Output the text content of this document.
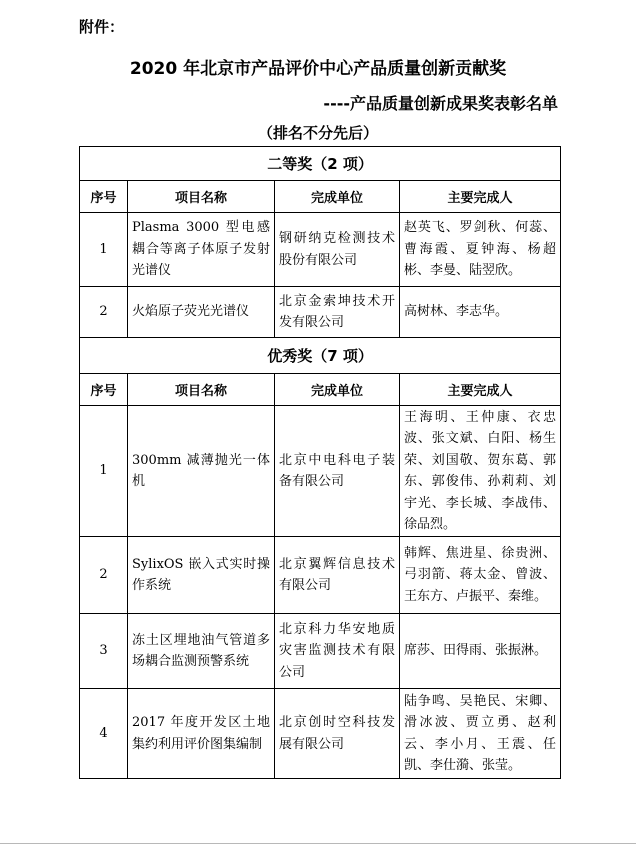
附件：
2020 年北京市产品评价中心产品质量创新贡献奖
----产品质量创新成果奖表彰名单
（排名不分先后）
二等奖（2 项）			
序号	项目名称	完成单位	主要完成人
1	Plasma 3000 型电感耦合等离子体原子发射光谱仪	钢研纳克检测技术股份有限公司	赵英飞、罗剑秋、何蕊、曹海霞、夏钟海、杨超彬、李曼、陆翌欣。
2	火焰原子荧光光谱仪	北京金索坤技术开发有限公司	高树林、李志华。
优秀奖（7 项）			
序号	项目名称	完成单位	主要完成人
1	300mm 减薄抛光一体机	北京中电科电子装备有限公司	王海明、王仲康、衣忠波、张文斌、白阳、杨生荣、刘国敬、贺东葛、郭东、郭俊伟、孙莉莉、刘宇光、李长城、李战伟、徐品烈。
2	SylixOS 嵌入式实时操作系统	北京翼辉信息技术有限公司	韩辉、焦进星、徐贵洲、弓羽箭、蒋太金、曾波、王东方、卢振平、秦维。
3	冻土区埋地油气管道多场耦合监测预警系统	北京科力华安地质灾害监测技术有限公司	席莎、田得雨、张振淋。
4	2017 年度开发区土地集约利用评价图集编制	北京创时空科技发展有限公司	陆争鸣、吴艳民、宋卿、滑冰波、贾立勇、赵利云、李小月、王震、任凯、李仕漪、张莹。
